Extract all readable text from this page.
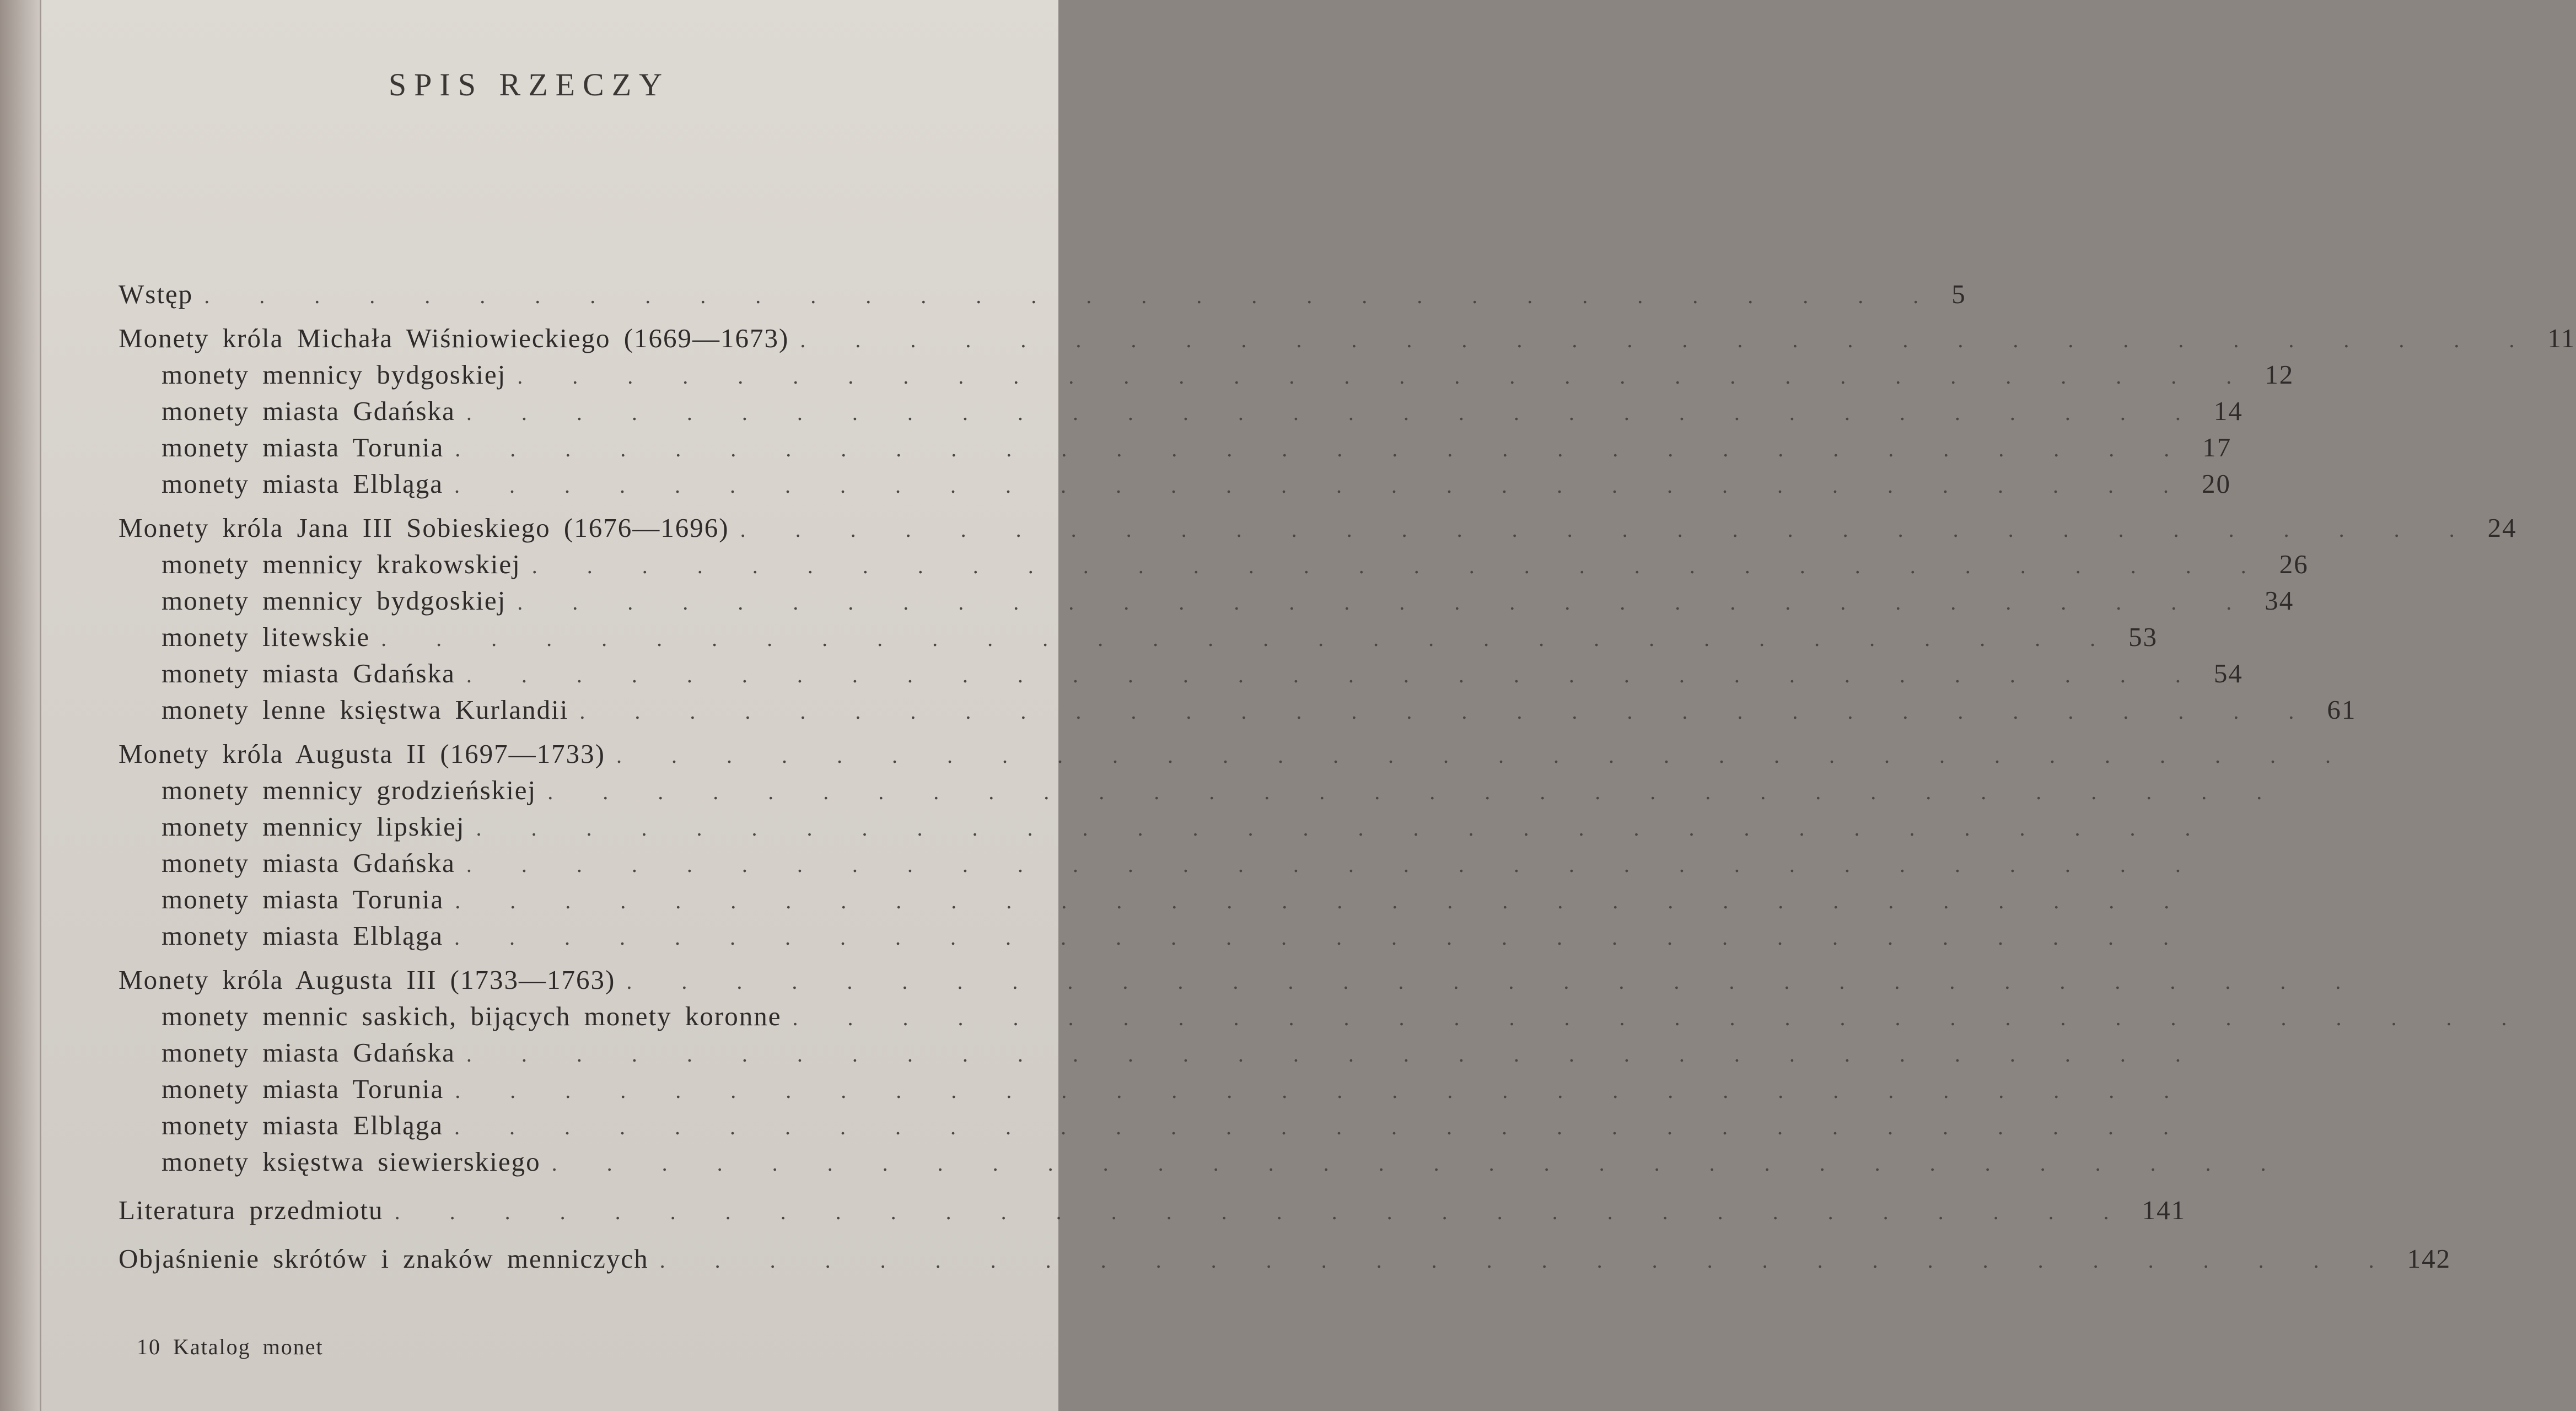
SPIS RZECZY
Wstęp . . . . . . . . . . . . . . . . . . . . . . . . . . . . . . . . 5
Monety króla Michała Wiśniowieckiego (1669—1673) . . . . . . . . . . . . . . . . . . . . . . . . . . . . . . . . 11
monety mennicy bydgoskiej . . . . . . . . . . . . . . . . . . . . . . . . . . . . . . . . 12
monety miasta Gdańska . . . . . . . . . . . . . . . . . . . . . . . . . . . . . . . . 14
monety miasta Torunia . . . . . . . . . . . . . . . . . . . . . . . . . . . . . . . . 17
monety miasta Elbląga . . . . . . . . . . . . . . . . . . . . . . . . . . . . . . . . 20
Monety króla Jana III Sobieskiego (1676—1696) . . . . . . . . . . . . . . . . . . . . . . . . . . . . . . . . 24
monety mennicy krakowskiej . . . . . . . . . . . . . . . . . . . . . . . . . . . . . . . . 26
monety mennicy bydgoskiej . . . . . . . . . . . . . . . . . . . . . . . . . . . . . . . . 34
monety litewskie . . . . . . . . . . . . . . . . . . . . . . . . . . . . . . . . 53
monety miasta Gdańska . . . . . . . . . . . . . . . . . . . . . . . . . . . . . . . . 54
monety lenne księstwa Kurlandii . . . . . . . . . . . . . . . . . . . . . . . . . . . . . . . . 61
Monety króla Augusta II (1697—1733) . . . . . . . . . . . . . . . . . . . . . . . . . . . . . . . .
monety mennicy grodzieńskiej . . . . . . . . . . . . . . . . . . . . . . . . . . . . . . . .
monety mennicy lipskiej . . . . . . . . . . . . . . . . . . . . . . . . . . . . . . . .
monety miasta Gdańska . . . . . . . . . . . . . . . . . . . . . . . . . . . . . . . .
monety miasta Torunia . . . . . . . . . . . . . . . . . . . . . . . . . . . . . . . .
monety miasta Elbląga . . . . . . . . . . . . . . . . . . . . . . . . . . . . . . . .
Monety króla Augusta III (1733—1763) . . . . . . . . . . . . . . . . . . . . . . . . . . . . . . . .
monety mennic saskich, bijących monety koronne . . . . . . . . . . . . . . . . . . . . . . . . . . . . . . . .
monety miasta Gdańska . . . . . . . . . . . . . . . . . . . . . . . . . . . . . . . .
monety miasta Torunia . . . . . . . . . . . . . . . . . . . . . . . . . . . . . . . .
monety miasta Elbląga . . . . . . . . . . . . . . . . . . . . . . . . . . . . . . . .
monety księstwa siewierskiego . . . . . . . . . . . . . . . . . . . . . . . . . . . . . . . .
Literatura przedmiotu . . . . . . . . . . . . . . . . . . . . . . . . . . . . . . . . 141
Objaśnienie skrótów i znaków menniczych . . . . . . . . . . . . . . . . . . . . . . . . . . . . . . . . 142
10 Katalog monet
